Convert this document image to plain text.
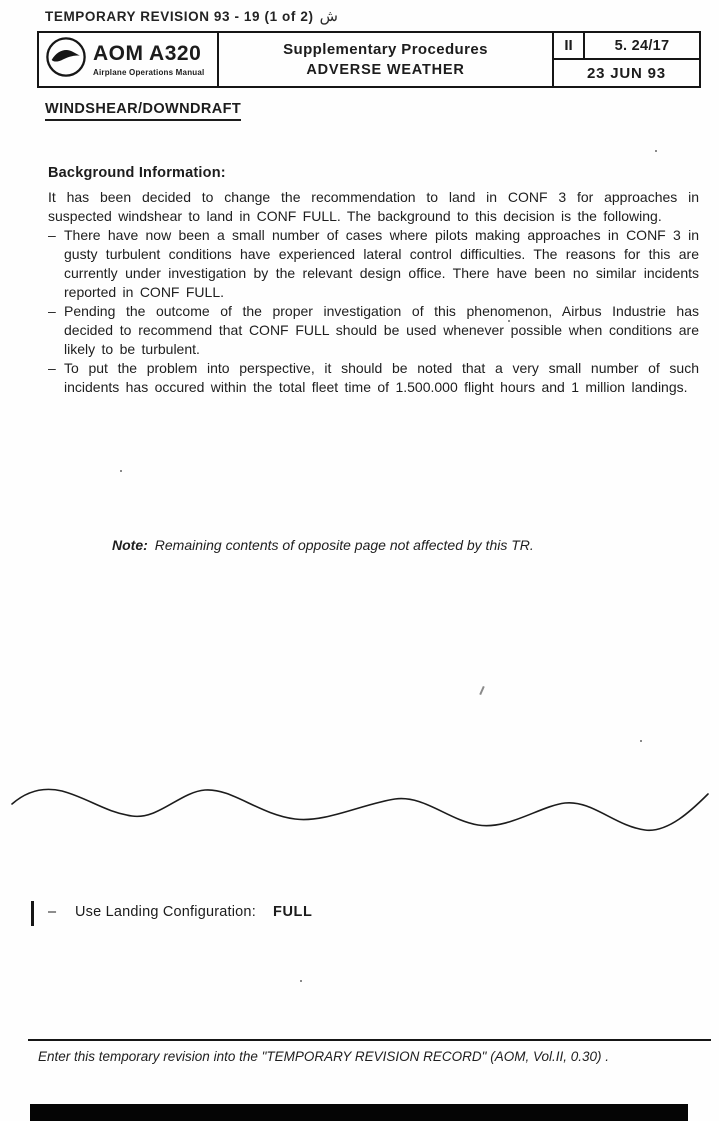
TEMPORARY REVISION 93 - 19 (1 of 2) ش
AOM A320
Airplane Operations Manual
Supplementary Procedures
ADVERSE WEATHER
II	5. 24/17
23 JUN 93
WINDSHEAR/DOWNDRAFT
Background Information:

It has been decided to change the recommendation to land in CONF 3 for approaches in suspected windshear to land in CONF FULL. The background to this decision is the following.

– There have now been a small number of cases where pilots making approaches in CONF 3 in gusty turbulent conditions have experienced lateral control difficulties. The reasons for this are currently under investigation by the relevant design office. There have been no similar incidents reported in CONF FULL.
– Pending the outcome of the proper investigation of this phenomenon, Airbus Industrie has decided to recommend that CONF FULL should be used whenever possible when conditions are likely to be turbulent.
– To put the problem into perspective, it should be noted that a very small number of such incidents has occured within the total fleet time of 1.500.000 flight hours and 1 million landings.
Note: Remaining contents of opposite page not affected by this TR.
– Use Landing Configuration: FULL
Enter this temporary revision into the "TEMPORARY REVISION RECORD" (AOM, Vol.II, 0.30) .
